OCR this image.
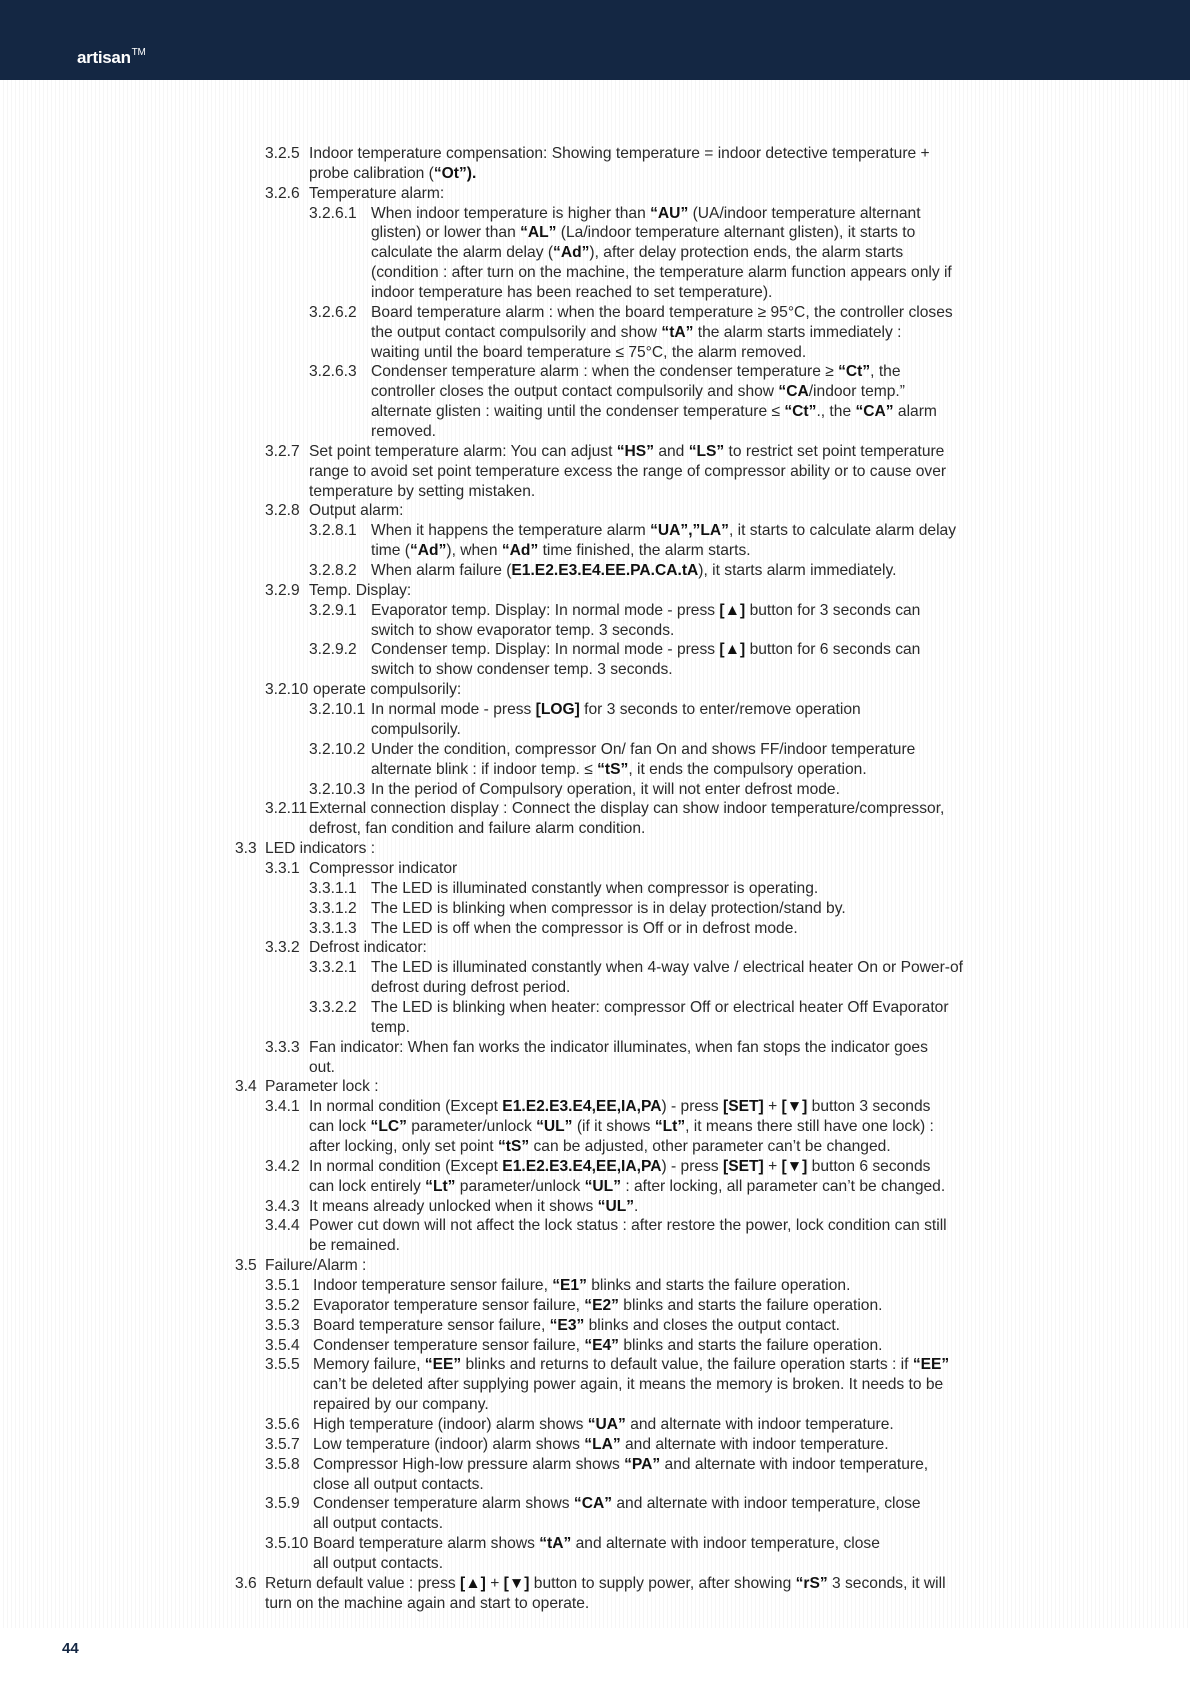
artisan™
3.2.5 Indoor temperature compensation: Showing temperature = indoor detective temperature +
probe calibration (“Ot”).
3.2.6 Temperature alarm:
3.2.6.1 When indoor temperature is higher than “AU” (UA/indoor temperature alternant
glisten) or lower than “AL” (La/indoor temperature alternant glisten), it starts to
calculate the alarm delay (“Ad”), after delay protection ends, the alarm starts
(condition : after turn on the machine, the temperature alarm function appears only if
indoor temperature has been reached to set temperature).
3.2.6.2 Board temperature alarm : when the board temperature ≥ 95°C, the controller closes
the output contact compulsorily and show “tA” the alarm starts immediately :
waiting until the board temperature ≤ 75°C, the alarm removed.
3.2.6.3 Condenser temperature alarm : when the condenser temperature ≥ “Ct”, the
controller closes the output contact compulsorily and show “CA/indoor temp.”
alternate glisten : waiting until the condenser temperature ≤ “Ct”., the “CA” alarm
removed.
3.2.7 Set point temperature alarm: You can adjust “HS” and “LS” to restrict set point temperature
range to avoid set point temperature excess the range of compressor ability or to cause over
temperature by setting mistaken.
3.2.8 Output alarm:
3.2.8.1 When it happens the temperature alarm “UA”,”LA”, it starts to calculate alarm delay
time (“Ad”), when “Ad” time finished, the alarm starts.
3.2.8.2 When alarm failure (E1.E2.E3.E4.EE.PA.CA.tA), it starts alarm immediately.
3.2.9 Temp. Display:
3.2.9.1 Evaporator temp. Display: In normal mode - press [▲] button for 3 seconds can
switch to show evaporator temp. 3 seconds.
3.2.9.2 Condenser temp. Display: In normal mode - press [▲] button for 6 seconds can
switch to show condenser temp. 3 seconds.
3.2.10 operate compulsorily:
3.2.10.1 In normal mode - press [LOG] for 3 seconds to enter/remove operation
compulsorily.
3.2.10.2 Under the condition, compressor On/ fan On and shows FF/indoor temperature
alternate blink : if indoor temp. ≤ “tS”, it ends the compulsory operation.
3.2.10.3 In the period of Compulsory operation, it will not enter defrost mode.
3.2.11 External connection display : Connect the display can show indoor temperature/compressor,
defrost, fan condition and failure alarm condition.
3.3 LED indicators :
3.3.1 Compressor indicator
3.3.1.1 The LED is illuminated constantly when compressor is operating.
3.3.1.2 The LED is blinking when compressor is in delay protection/stand by.
3.3.1.3 The LED is off when the compressor is Off or in defrost mode.
3.3.2 Defrost indicator:
3.3.2.1 The LED is illuminated constantly when 4-way valve / electrical heater On or Power-of
defrost during defrost period.
3.3.2.2 The LED is blinking when heater: compressor Off or electrical heater Off Evaporator
temp.
3.3.3 Fan indicator: When fan works the indicator illuminates, when fan stops the indicator goes
out.
3.4 Parameter lock :
3.4.1 In normal condition (Except E1.E2.E3.E4,EE,IA,PA) - press [SET] + [▼] button 3 seconds
can lock “LC” parameter/unlock “UL” (if it shows “Lt”, it means there still have one lock) :
after locking, only set point “tS” can be adjusted, other parameter can’t be changed.
3.4.2 In normal condition (Except E1.E2.E3.E4,EE,IA,PA) - press [SET] + [▼] button 6 seconds
can lock entirely “Lt” parameter/unlock “UL” : after locking, all parameter can’t be changed.
3.4.3 It means already unlocked when it shows “UL”.
3.4.4 Power cut down will not affect the lock status : after restore the power, lock condition can still
be remained.
3.5 Failure/Alarm :
3.5.1 Indoor temperature sensor failure, “E1” blinks and starts the failure operation.
3.5.2 Evaporator temperature sensor failure, “E2” blinks and starts the failure operation.
3.5.3 Board temperature sensor failure, “E3” blinks and closes the output contact.
3.5.4 Condenser temperature sensor failure, “E4” blinks and starts the failure operation.
3.5.5 Memory failure, “EE” blinks and returns to default value, the failure operation starts : if “EE”
can’t be deleted after supplying power again, it means the memory is broken. It needs to be
repaired by our company.
3.5.6 High temperature (indoor) alarm shows “UA” and alternate with indoor temperature.
3.5.7 Low temperature (indoor) alarm shows “LA” and alternate with indoor temperature.
3.5.8 Compressor High-low pressure alarm shows “PA” and alternate with indoor temperature,
close all output contacts.
3.5.9 Condenser temperature alarm shows “CA” and alternate with indoor temperature, close
all output contacts.
3.5.10 Board temperature alarm shows “tA” and alternate with indoor temperature, close
all output contacts.
3.6 Return default value : press [▲] + [▼] button to supply power, after showing “rS” 3 seconds, it will
turn on the machine again and start to operate.
44
